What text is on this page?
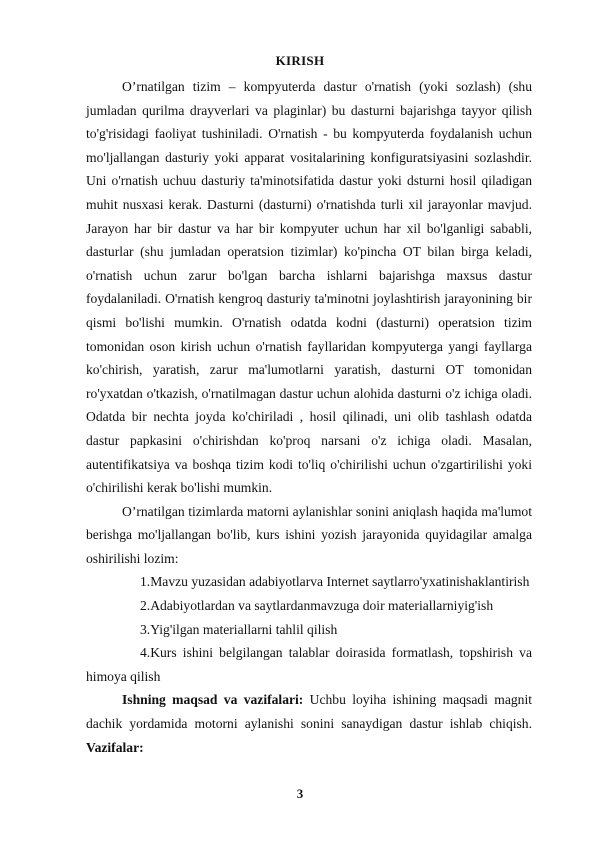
KIRISH

O’rnatilgan tizim – kompyuterda dastur o'rnatish (yoki sozlash) (shu jumladan qurilma drayverlari va plaginlar) bu dasturni bajarishga tayyor qilish to'g'risidagi faoliyat tushiniladi. O'rnatish - bu kompyuterda foydalanish uchun mo'ljallangan dasturiy yoki apparat vositalarining konfiguratsiyasini sozlashdir. Uni o'rnatish uchuu dasturiy ta'minotsifatida dastur yoki dsturni hosil qiladigan muhit nusxasi kerak. Dasturni (dasturni) o'rnatishda turli xil jarayonlar mavjud. Jarayon har bir dastur va har bir kompyuter uchun har xil bo'lganligi sababli, dasturlar (shu jumladan operatsion tizimlar) ko'pincha OT bilan birga keladi, o'rnatish uchun zarur bo'lgan barcha ishlarni bajarishga maxsus dastur foydalaniladi. O'rnatish kengroq dasturiy ta'minotni joylashtirish jarayonining bir qismi bo'lishi mumkin. O'rnatish odatda kodni (dasturni) operatsion tizim tomonidan oson kirish uchun o'rnatish fayllaridan kompyuterga yangi fayllarga ko'chirish, yaratish, zarur ma'lumotlarni yaratish, dasturni OT tomonidan ro'yxatdan o'tkazish, o'rnatilmagan dastur uchun alohida dasturni o'z ichiga oladi. Odatda bir nechta joyda ko'chiriladi , hosil qilinadi, uni olib tashlash odatda dastur papkasini o'chirishdan ko'proq narsani o'z ichiga oladi. Masalan, autentifikatsiya va boshqa tizim kodi to'liq o'chirilishi uchun o'zgartirilishi yoki o'chirilishi kerak bo'lishi mumkin.

O’rnatilgan tizimlarda matorni aylanishlar sonini aniqlash haqida ma'lumot berishga mo'ljallangan bo'lib, kurs ishini yozish jarayonida quyidagilar amalga oshirilishi lozim:

1.Mavzu yuzasidan adabiyotlarva Internet saytlarro'yxatinishaklantirish

2.Adabiyotlardan va saytlardanmavzuga doir materiallarniyig'ish

3.Yig'ilgan materiallarni tahlil qilish

4.Kurs ishini belgilangan talablar doirasida formatlash, topshirish va himoya qilish

Ishning maqsad va vazifalari: Uchbu loyiha ishining maqsadi magnit dachik yordamida motorni aylanishi sonini sanaydigan dastur ishlab chiqish. Vazifalar:

3
